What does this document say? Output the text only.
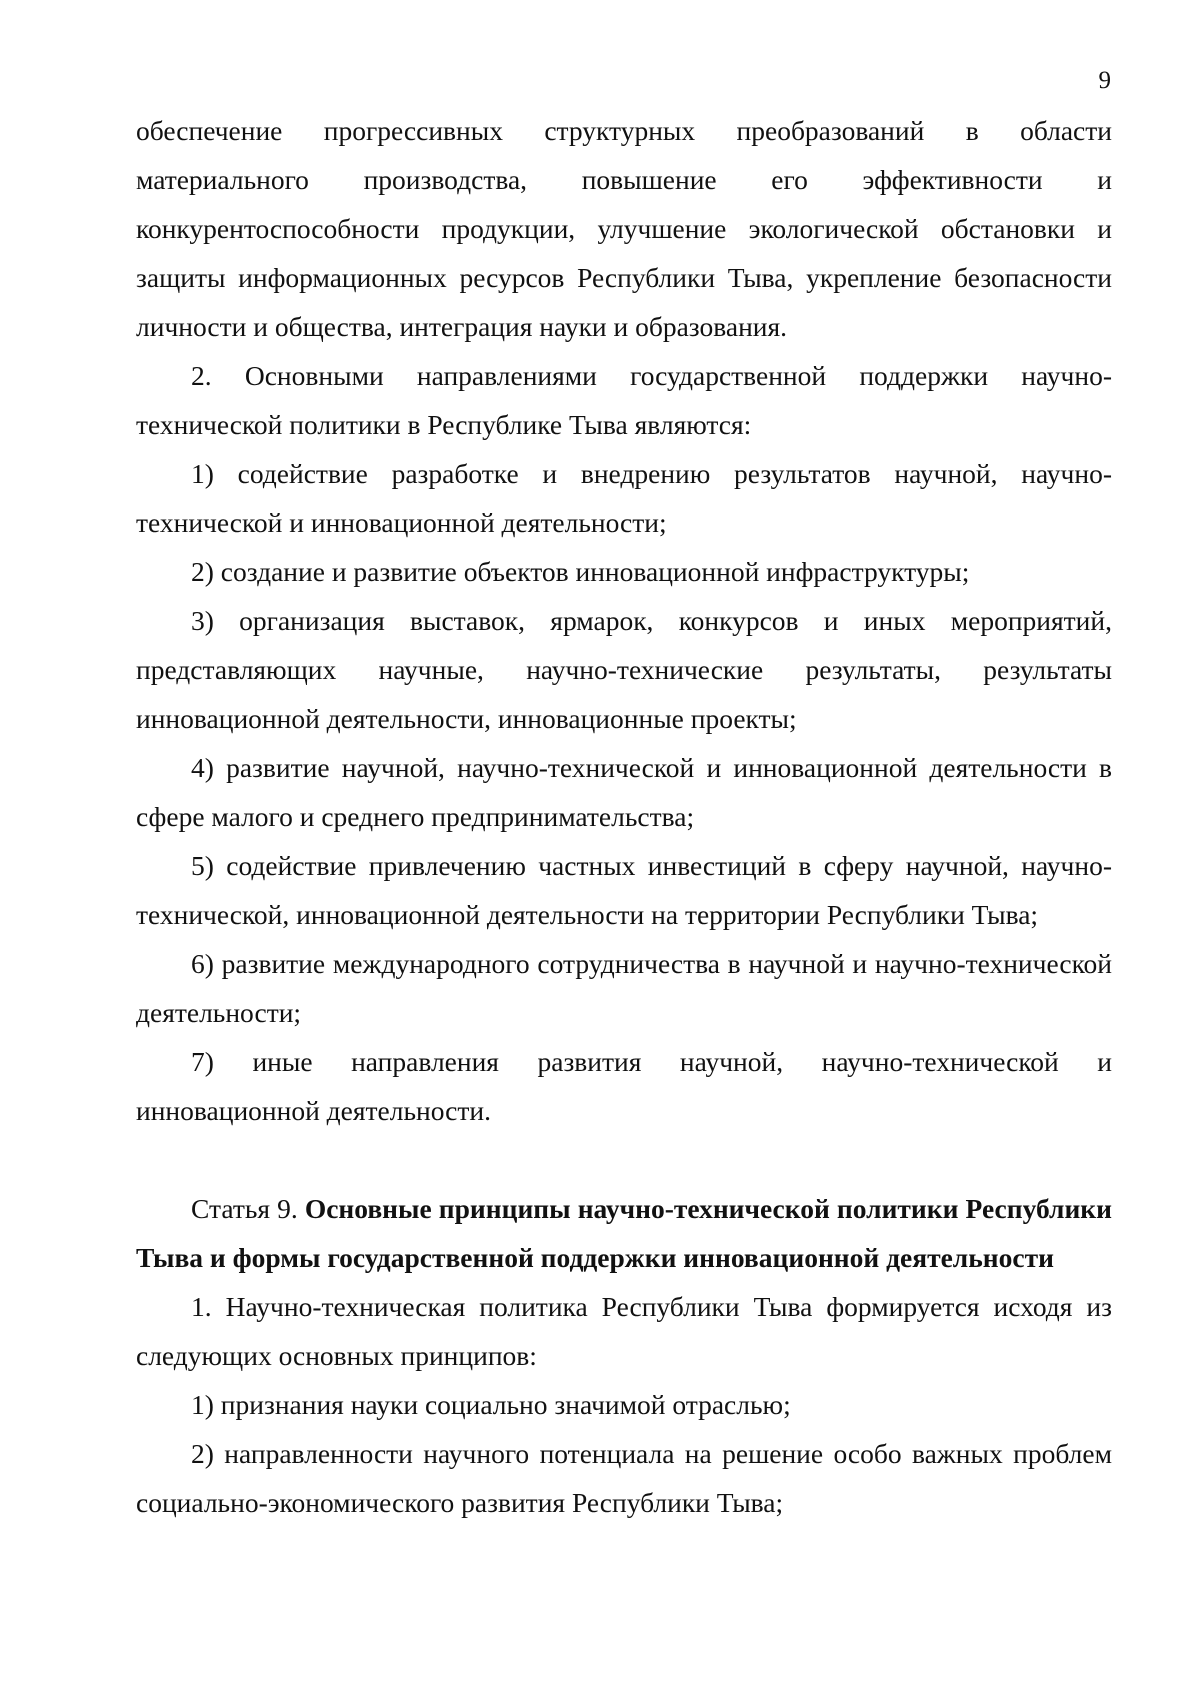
9

обеспечение прогрессивных структурных преобразований в области материального производства, повышение его эффективности и конкурентоспособности продукции, улучшение экологической обстановки и защиты информационных ресурсов Республики Тыва, укрепление безопасности личности и общества, интеграция науки и образования.

2. Основными направлениями государственной поддержки научно-технической политики в Республике Тыва являются:

1) содействие разработке и внедрению результатов научной, научно-технической и инновационной деятельности;

2) создание и развитие объектов инновационной инфраструктуры;

3) организация выставок, ярмарок, конкурсов и иных мероприятий, представляющих научные, научно-технические результаты, результаты инновационной деятельности, инновационные проекты;

4) развитие научной, научно-технической и инновационной деятельности в сфере малого и среднего предпринимательства;

5) содействие привлечению частных инвестиций в сферу научной, научно-технической, инновационной деятельности на территории Республики Тыва;

6) развитие международного сотрудничества в научной и научно-технической деятельности;

7) иные направления развития научной, научно-технической и инновационной деятельности.

Статья 9. Основные принципы научно-технической политики Республики Тыва и формы государственной поддержки инновационной деятельности

1. Научно-техническая политика Республики Тыва формируется исходя из следующих основных принципов:

1) признания науки социально значимой отраслью;

2) направленности научного потенциала на решение особо важных проблем социально-экономического развития Республики Тыва;
